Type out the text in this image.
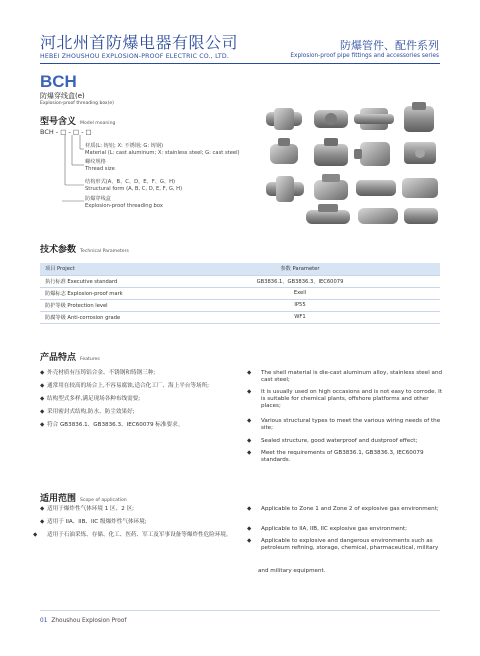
河北州首防爆电器有限公司
HEBEI ZHOUSHOU EXPLOSION-PROOF ELECTRIC CO., LTD.
防爆管件、配件系列
Explosion-proof pipe fittings and accessories series
BCH
防爆穿线盒(e)
Explosion-proof threading box(e)
型号含义 Model meaning
BCH - □ - □ - □
材质(L: 铸铝; X: 不锈钢; G: 铸钢)
Material (L: cast aluminum; X: stainless steel; G: cast steel)
螺纹规格
Thread size
结构形式(A、B、C、D、E、F、G、H)
Structural form (A, B, C, D, E, F, G, H)
防爆穿线盒
Explosion-proof threading box
技术参数 Technical Parameters
项目 Project	参数 Parameter
执行标准 Executive standard	GB3836.1、GB3836.3、IEC60079
防爆标志 Explosion-proof mark	Exell
防护等级 Protection level	IP55
防腐等级 Anti-corrosion grade	WF1
产品特点 Features
◆ 外壳材质有压铸铝合金、不锈钢和铸钢三种;
◆ 通常用在较高的场合上,不容易腐蚀,适合化工厂、海上平台等场所;
◆ 结构型式多样,满足现场各种布线需要;
◆ 采用密封式结构,防水、防尘效果好;
◆ 符合 GB3836.1、GB3836.3、IEC60079 标准要求。
◆ The shell material is die-cast aluminum alloy, stainless steel and cast steel;
◆ It is usually used on high occasions and is not easy to corrode. It is suitable for chemical plants, offshore platforms and other places;
◆ Various structural types to meet the various wiring needs of the site;
◆ Sealed structure, good waterproof and dustproof effect;
◆ Meet the requirements of GB3836.1, GB3836.3, IEC60079 standards.
适用范围 Scope of application
◆ 适用于爆炸性气体环境 1 区、2 区;
◆ 适用于 IIA、IIB、IIC 级爆炸性气体环境;
◆ 适用于石油采炼、存储、化工、医药、军工及军事设备等爆炸性危险环境。
◆ Applicable to Zone 1 and Zone 2 of explosive gas environment;
◆ Applicable to IIA, IIB, IIC explosive gas environment;
◆ Applicable to explosive and dangerous environments such as petroleum refining, storage, chemical, pharmaceutical, military
and military equipment.
01 Zhoushou Explosion Proof
